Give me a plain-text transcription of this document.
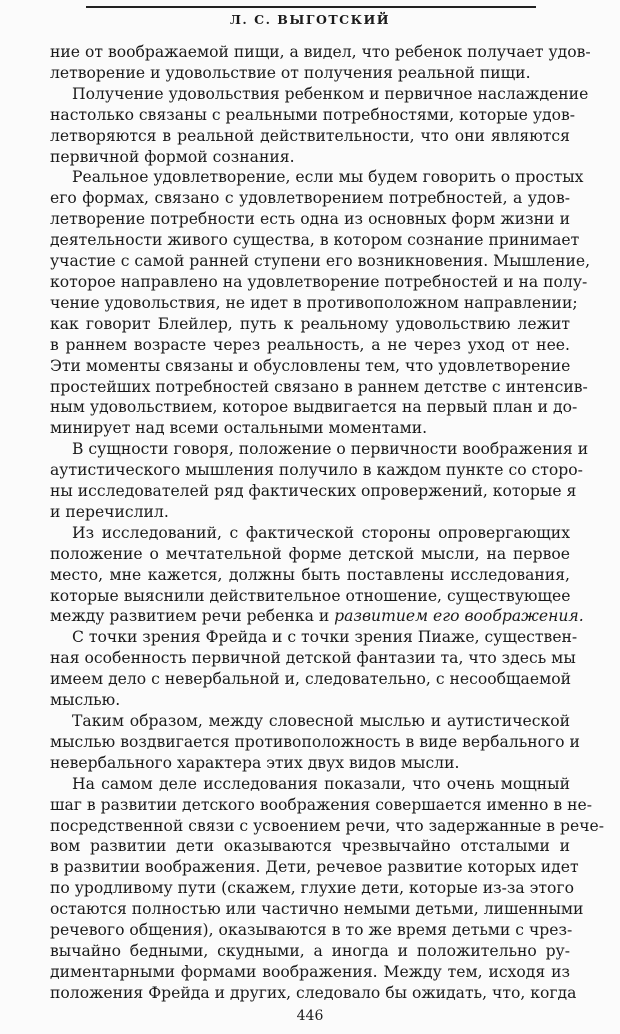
Л. С. ВЫГОТСКИЙ

ние от воображаемой пищи, а видел, что ребенок получает удов-
летворение и удовольствие от получения реальной пищи.

Получение удовольствия ребенком и первичное наслаждение
настолько связаны с реальными потребностями, которые удов-
летворяются в реальной действительности, что они являются
первичной формой сознания.

Реальное удовлетворение, если мы будем говорить о простых
его формах, связано с удовлетворением потребностей, а удов-
летворение потребности есть одна из основных форм жизни и
деятельности живого существа, в котором сознание принимает
участие с самой ранней ступени его возникновения. Мышление,
которое направлено на удовлетворение потребностей и на полу-
чение удовольствия, не идет в противоположном направлении;
как говорит Блейлер, путь к реальному удовольствию лежит
в раннем возрасте через реальность, а не через уход от нее.
Эти моменты связаны и обусловлены тем, что удовлетворение
простейших потребностей связано в раннем детстве с интенсив-
ным удовольствием, которое выдвигается на первый план и до-
минирует над всеми остальными моментами.

В сущности говоря, положение о первичности воображения и
аутистического мышления получило в каждом пункте со сторо-
ны исследователей ряд фактических опровержений, которые я
и перечислил.

Из исследований, с фактической стороны опровергающих
положение о мечтательной форме детской мысли, на первое
место, мне кажется, должны быть поставлены исследования,
которые выяснили действительное отношение, существующее
между развитием речи ребенка и развитием его воображения.

С точки зрения Фрейда и с точки зрения Пиаже, существен-
ная особенность первичной детской фантазии та, что здесь мы
имеем дело с невербальной и, следовательно, с несообщаемой
мыслью.

Таким образом, между словесной мыслью и аутистической
мыслью воздвигается противоположность в виде вербального и
невербального характера этих двух видов мысли.

На самом деле исследования показали, что очень мощный
шаг в развитии детского воображения совершается именно в не-
посредственной связи с усвоением речи, что задержанные в рече-
вом развитии дети оказываются чрезвычайно отсталыми и
в развитии воображения. Дети, речевое развитие которых идет
по уродливому пути (скажем, глухие дети, которые из-за этого
остаются полностью или частично немыми детьми, лишенными
речевого общения), оказываются в то же время детьми с чрез-
вычайно бедными, скудными, а иногда и положительно ру-
диментарными формами воображения. Между тем, исходя из
положения Фрейда и других, следовало бы ожидать, что, когда

446
